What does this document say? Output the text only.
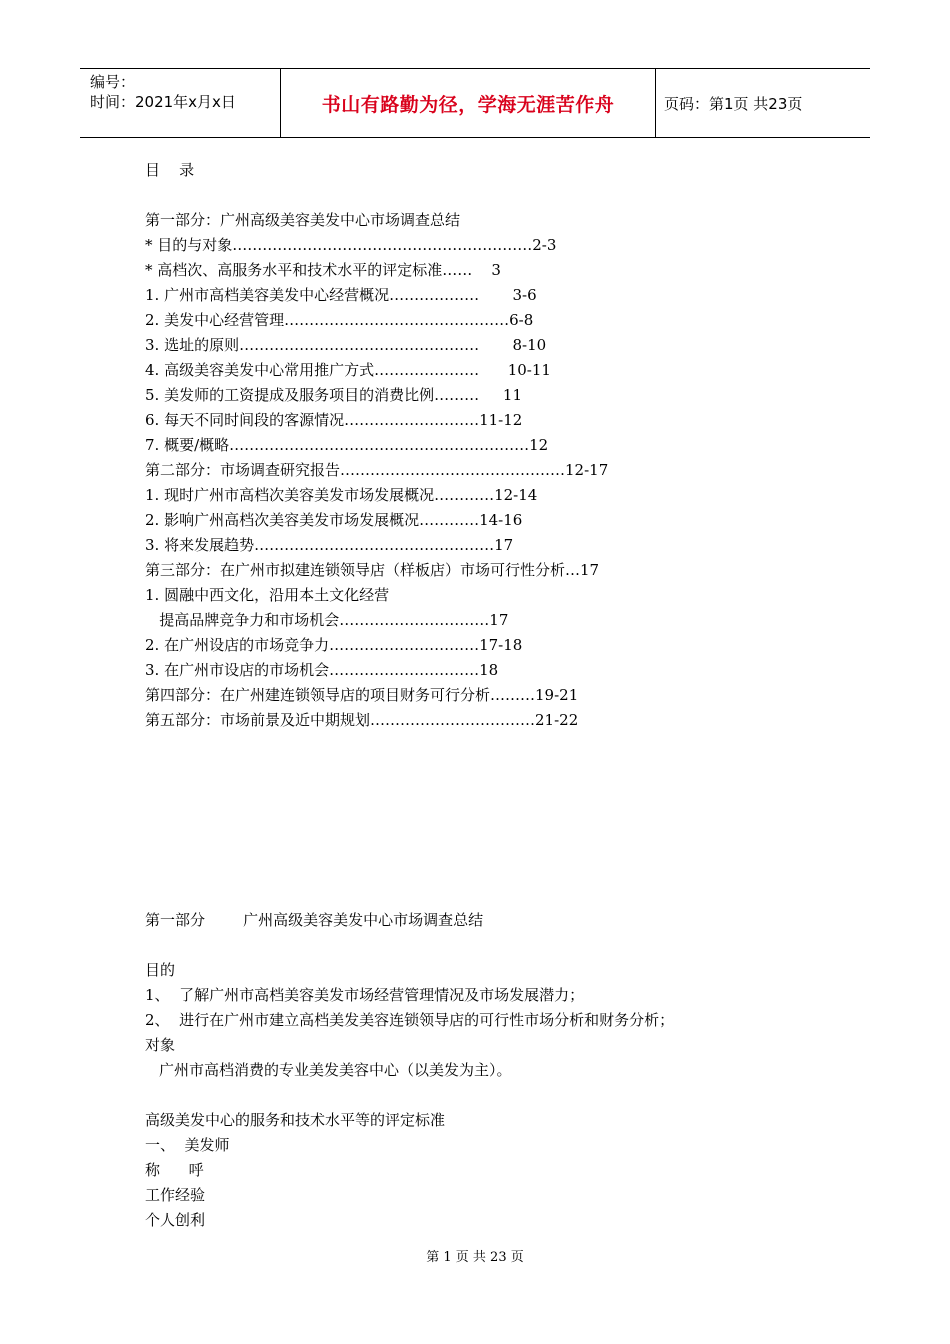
编号：
时间：2021年x月x日	书山有路勤为径，学海无涯苦作舟	页码：第1页 共23页
目    录
第一部分：广州高级美容美发中心市场调查总结
* 目的与对象……………………………………………………2-3
* 高档次、高服务水平和技术水平的评定标准……    3
1. 广州市高档美容美发中心经营概况………………       3-6
2. 美发中心经营管理………………………………………6-8
3. 选址的原则…………………………………………       8-10
4. 高级美容美发中心常用推广方式…………………      10-11
5. 美发师的工资提成及服务项目的消费比例………     11
6. 每天不同时间段的客源情况………………………11-12
7. 概要/概略……………………………………………………12
第二部分：市场调查研究报告………………………………………12-17
1. 现时广州市高档次美容美发市场发展概况…………12-14
2. 影响广州高档次美容美发市场发展概况…………14-16
3. 将来发展趋势…………………………………………17
第三部分：在广州市拟建连锁领导店（样板店）市场可行性分析…17
1. 圆融中西文化，沿用本土文化经营
提高品牌竞争力和市场机会…………………………17
2. 在广州设店的市场竞争力…………………………17-18
3. 在广州市设店的市场机会…………………………18
第四部分：在广州建连锁领导店的项目财务可行分析………19-21
第五部分：市场前景及近中期规划……………………………21-22
第一部分        广州高级美容美发中心市场调查总结
目的
1、  了解广州市高档美容美发市场经营管理情况及市场发展潜力；
2、  进行在广州市建立高档美发美容连锁领导店的可行性市场分析和财务分析；
对象
广州市高档消费的专业美发美容中心（以美发为主）。
高级美发中心的服务和技术水平等的评定标准
一、  美发师
称      呼
工作经验
个人创利
第 1 页 共 23 页
